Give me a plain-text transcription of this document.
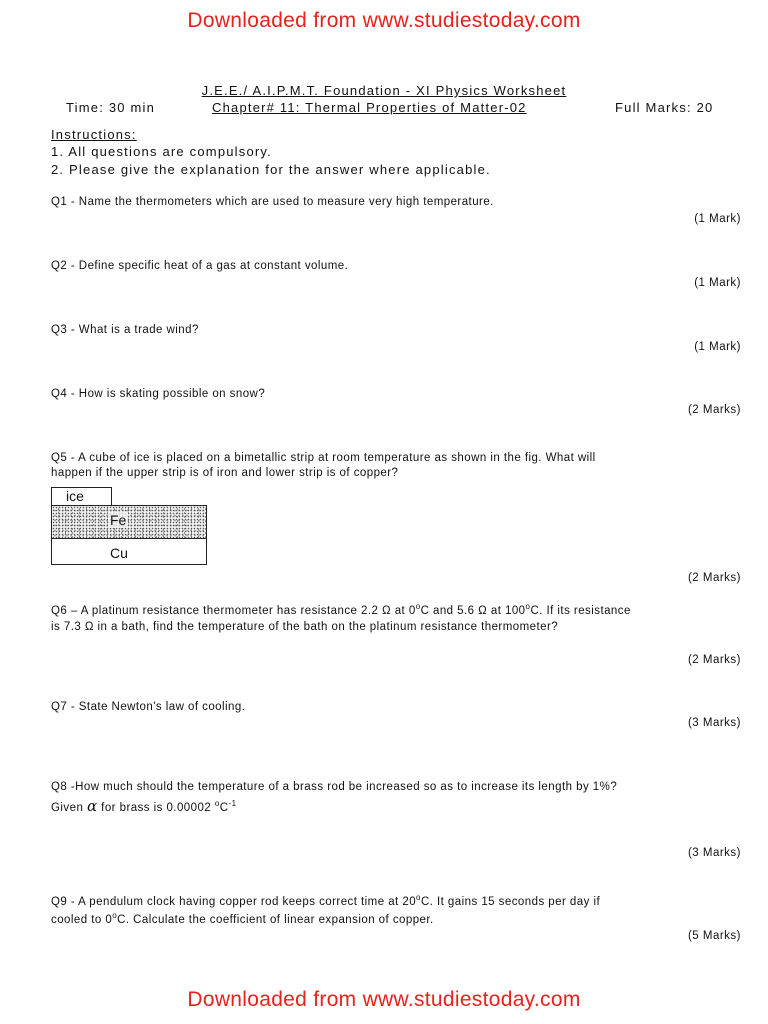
Downloaded from www.studiestoday.com
J.E.E./ A.I.P.M.T. Foundation - XI Physics Worksheet
Time: 30 min	Chapter# 11: Thermal Properties of Matter-02	Full Marks: 20
Instructions:
1. All questions are compulsory.
2. Please give the explanation for the answer where applicable.
Q1 - Name the thermometers which are used to measure very high temperature.
(1 Mark)
Q2 - Define specific heat of a gas at constant volume.
(1 Mark)
Q3 - What is a trade wind?
(1 Mark)
Q4 - How is skating possible on snow?
(2 Marks)
Q5 - A cube of ice is placed on a bimetallic strip at room temperature as shown in the fig. What will
happen if the upper strip is of iron and lower strip is of copper?
ice
Fe
Cu
(2 Marks)
Q6 – A platinum resistance thermometer has resistance 2.2 Ω at 0$^o$C and 5.6 Ω at 100$^o$C. If its resistance
is 7.3 Ω in a bath, find the temperature of the bath on the platinum resistance thermometer?
(2 Marks)
Q7 - State Newton's law of cooling.
(3 Marks)
Q8 -How much should the temperature of a brass rod be increased so as to increase its length by 1%?
Given α for brass is 0.00002 $^oC^{-1}$
(3 Marks)
Q9 - A pendulum clock having copper rod keeps correct time at 20$^o$C. It gains 15 seconds per day if
cooled to 0$^o$C. Calculate the coefficient of linear expansion of copper.
(5 Marks)
Downloaded from www.studiestoday.com
